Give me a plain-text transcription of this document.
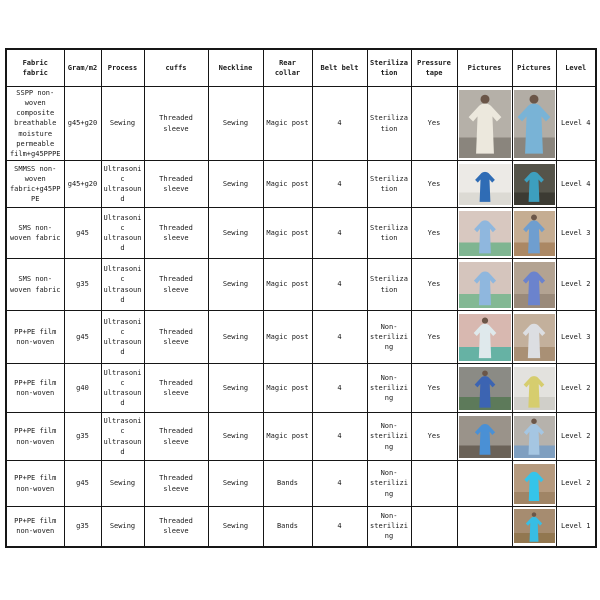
Fabric fabric	Gram/m2	Process	cuffs	Neckline	Rear collar	Belt belt	Sterilization	Pressure tape	Pictures	Pictures	Level
SSPP non-woven composite breathable moisture permeable film+g45PPPE	g45+g20	Sewing	Threaded sleeve	Sewing	Magic post	4	Sterilization	Yes			Level 4
SMMSS non-woven fabric+g45PPPE	g45+g20	Ultrasonic ultrasound	Threaded sleeve	Sewing	Magic post	4	Sterilization	Yes			Level 4
SMS non-woven fabric	g45	Ultrasonic ultrasound	Threaded sleeve	Sewing	Magic post	4	Sterilization	Yes			Level 3
SMS non-woven fabric	g35	Ultrasonic ultrasound	Threaded sleeve	Sewing	Magic post	4	Sterilization	Yes			Level 2
PP+PE film non-woven	g45	Ultrasonic ultrasound	Threaded sleeve	Sewing	Magic post	4	Non-sterilizing	Yes			Level 3
PP+PE film non-woven	g40	Ultrasonic ultrasound	Threaded sleeve	Sewing	Magic post	4	Non-sterilizing	Yes			Level 2
PP+PE film non-woven	g35	Ultrasonic ultrasound	Threaded sleeve	Sewing	Magic post	4	Non-sterilizing	Yes			Level 2
PP+PE film non-woven	g45	Sewing	Threaded sleeve	Sewing	Bands	4	Non-sterilizing				Level 2
PP+PE film non-woven	g35	Sewing	Threaded sleeve	Sewing	Bands	4	Non-sterilizing				Level 1
